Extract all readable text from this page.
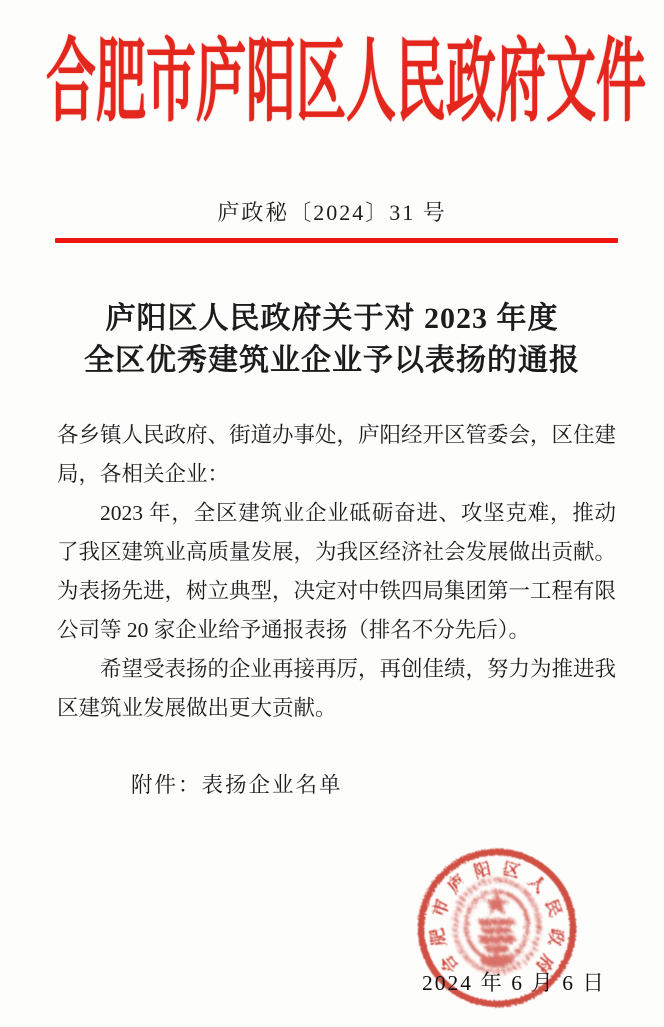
合 肥 市 庐 阳 区 人 民 政 府 文 件
庐政秘〔2024〕31 号
庐阳区人民政府关于对 2023 年度
全区优秀建筑业企业予以表扬的通报

各乡镇人民政府、街道办事处，庐阳经开区管委会，区住建局，各相关企业：

2023 年，全区建筑业企业砥砺奋进、攻坚克难，推动了我区建筑业高质量发展，为我区经济社会发展做出贡献。为表扬先进，树立典型，决定对中铁四局集团第一工程有限公司等 20 家企业给予通报表扬（排名不分先后）。

希望受表扬的企业再接再厉，再创佳绩，努力为推进我区建筑业发展做出更大贡献。

附件：表扬企业名单
合
肥
市
庐
阳 区
人
民
政
府
2024 年 6 月 6 日
